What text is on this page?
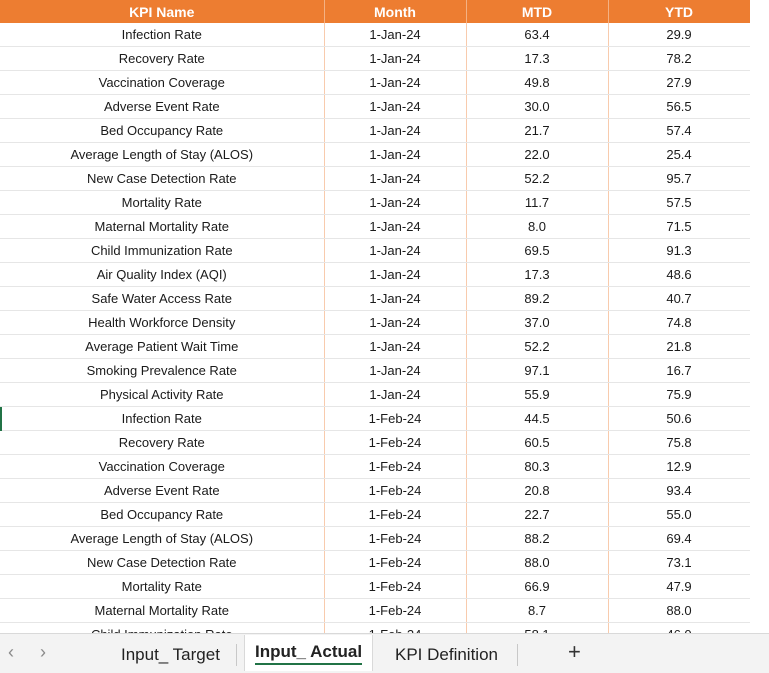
KPI Name	Month	MTD	YTD
Infection Rate	1-Jan-24	63.4	29.9
Recovery Rate	1-Jan-24	17.3	78.2
Vaccination Coverage	1-Jan-24	49.8	27.9
Adverse Event Rate	1-Jan-24	30.0	56.5
Bed Occupancy Rate	1-Jan-24	21.7	57.4
Average Length of Stay (ALOS)	1-Jan-24	22.0	25.4
New Case Detection Rate	1-Jan-24	52.2	95.7
Mortality Rate	1-Jan-24	11.7	57.5
Maternal Mortality Rate	1-Jan-24	8.0	71.5
Child Immunization Rate	1-Jan-24	69.5	91.3
Air Quality Index (AQI)	1-Jan-24	17.3	48.6
Safe Water Access Rate	1-Jan-24	89.2	40.7
Health Workforce Density	1-Jan-24	37.0	74.8
Average Patient Wait Time	1-Jan-24	52.2	21.8
Smoking Prevalence Rate	1-Jan-24	97.1	16.7
Physical Activity Rate	1-Jan-24	55.9	75.9
Infection Rate	1-Feb-24	44.5	50.6
Recovery Rate	1-Feb-24	60.5	75.8
Vaccination Coverage	1-Feb-24	80.3	12.9
Adverse Event Rate	1-Feb-24	20.8	93.4
Bed Occupancy Rate	1-Feb-24	22.7	55.0
Average Length of Stay (ALOS)	1-Feb-24	88.2	69.4
New Case Detection Rate	1-Feb-24	88.0	73.1
Mortality Rate	1-Feb-24	66.9	47.9
Maternal Mortality Rate	1-Feb-24	8.7	88.0

‹ ›	Input_ Target	Input_ Actual	KPI Definition	+
